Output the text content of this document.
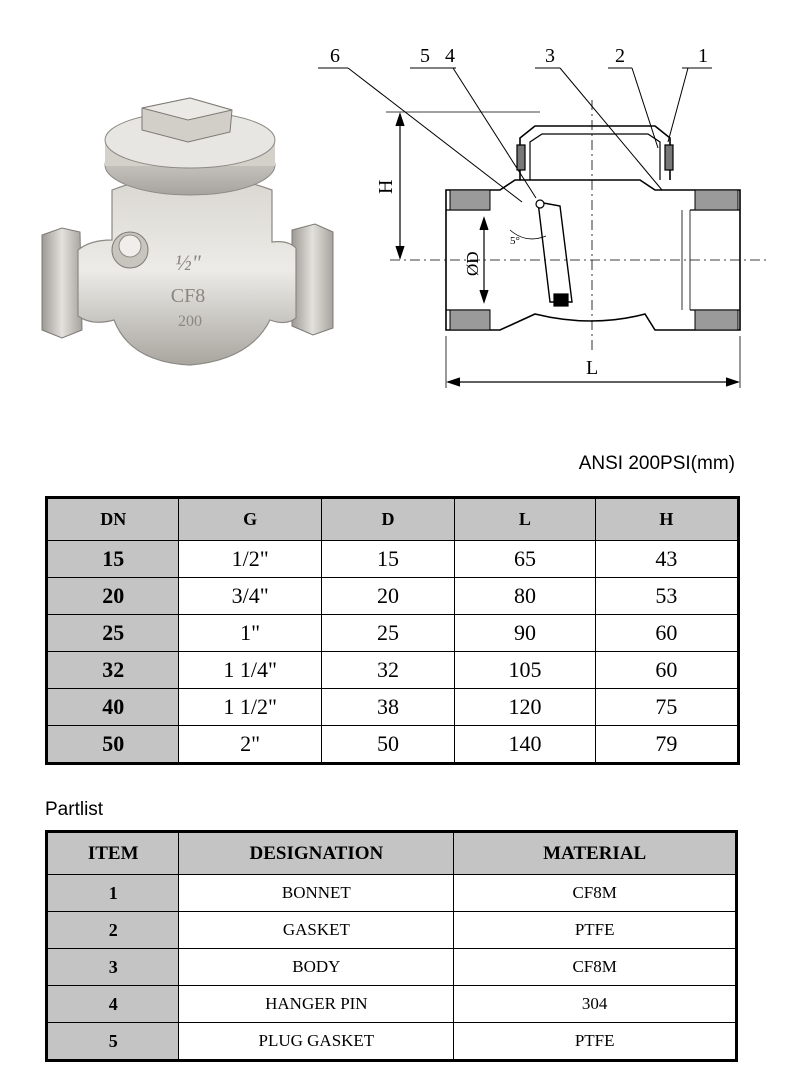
½"
CF8
200
6	5 4	3	2	1
H
ØD
5°
L
ANSI 200PSI(mm)
DN	G	D	L	H
15	1/2"	15	65	43
20	3/4"	20	80	53
25	1"	25	90	60
32	1 1/4"	32	105	60
40	1 1/2"	38	120	75
50	2"	50	140	79
Partlist
ITEM	DESIGNATION	MATERIAL
1	BONNET	CF8M
2	GASKET	PTFE
3	BODY	CF8M
4	HANGER PIN	304
5	PLUG GASKET	PTFE
